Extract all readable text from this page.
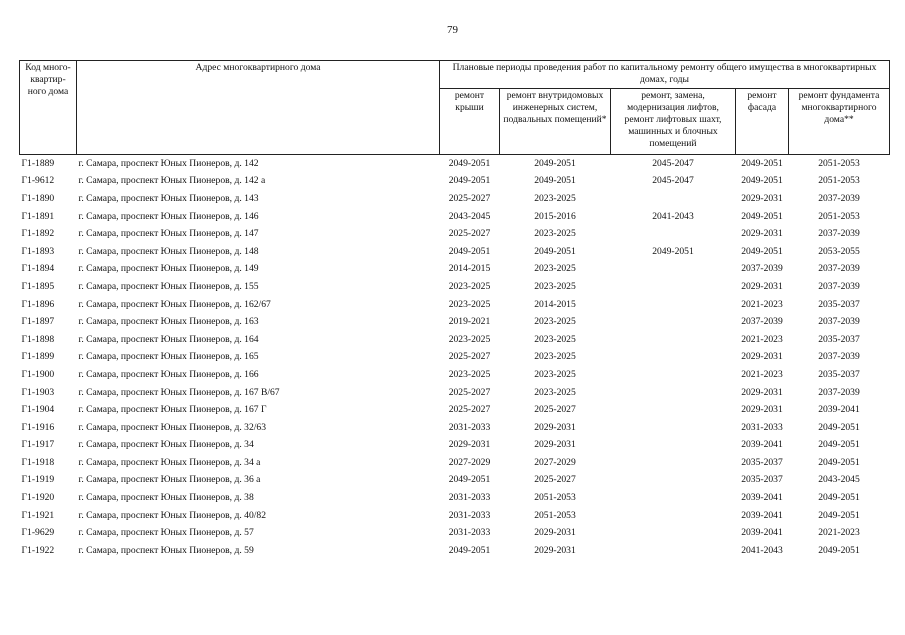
79
Код много-квартир-ного дома	Адрес многоквартирного дома	Плановые периоды проведения работ по капитальному ремонту общего имущества в многоквартирных домах, годы				
		ремонт крыши	ремонт внутридомовых инженерных систем, подвальных помещений*	ремонт, замена, модернизация лифтов, ремонт лифтовых шахт, машинных и блочных помещений	ремонт фасада	ремонт фундамента многоквартирного дома**
Г1-1889	г. Самара, проспект Юных Пионеров, д. 142	2049-2051	2049-2051	2045-2047	2049-2051	2051-2053
Г1-9612	г. Самара, проспект Юных Пионеров, д. 142 а	2049-2051	2049-2051	2045-2047	2049-2051	2051-2053
Г1-1890	г. Самара, проспект Юных Пионеров, д. 143	2025-2027	2023-2025		2029-2031	2037-2039
Г1-1891	г. Самара, проспект Юных Пионеров, д. 146	2043-2045	2015-2016	2041-2043	2049-2051	2051-2053
Г1-1892	г. Самара, проспект Юных Пионеров, д. 147	2025-2027	2023-2025		2029-2031	2037-2039
Г1-1893	г. Самара, проспект Юных Пионеров, д. 148	2049-2051	2049-2051	2049-2051	2049-2051	2053-2055
Г1-1894	г. Самара, проспект Юных Пионеров, д. 149	2014-2015	2023-2025		2037-2039	2037-2039
Г1-1895	г. Самара, проспект Юных Пионеров, д. 155	2023-2025	2023-2025		2029-2031	2037-2039
Г1-1896	г. Самара, проспект Юных Пионеров, д. 162/67	2023-2025	2014-2015		2021-2023	2035-2037
Г1-1897	г. Самара, проспект Юных Пионеров, д. 163	2019-2021	2023-2025		2037-2039	2037-2039
Г1-1898	г. Самара, проспект Юных Пионеров, д. 164	2023-2025	2023-2025		2021-2023	2035-2037
Г1-1899	г. Самара, проспект Юных Пионеров, д. 165	2025-2027	2023-2025		2029-2031	2037-2039
Г1-1900	г. Самара, проспект Юных Пионеров, д. 166	2023-2025	2023-2025		2021-2023	2035-2037
Г1-1903	г. Самара, проспект Юных Пионеров, д. 167 В/67	2025-2027	2023-2025		2029-2031	2037-2039
Г1-1904	г. Самара, проспект Юных Пионеров, д. 167 Г	2025-2027	2025-2027		2029-2031	2039-2041
Г1-1916	г. Самара, проспект Юных Пионеров, д. 32/63	2031-2033	2029-2031		2031-2033	2049-2051
Г1-1917	г. Самара, проспект Юных Пионеров, д. 34	2029-2031	2029-2031		2039-2041	2049-2051
Г1-1918	г. Самара, проспект Юных Пионеров, д. 34 а	2027-2029	2027-2029		2035-2037	2049-2051
Г1-1919	г. Самара, проспект Юных Пионеров, д. 36 а	2049-2051	2025-2027		2035-2037	2043-2045
Г1-1920	г. Самара, проспект Юных Пионеров, д. 38	2031-2033	2051-2053		2039-2041	2049-2051
Г1-1921	г. Самара, проспект Юных Пионеров, д. 40/82	2031-2033	2051-2053		2039-2041	2049-2051
Г1-9629	г. Самара, проспект Юных Пионеров, д. 57	2031-2033	2029-2031		2039-2041	2021-2023
Г1-1922	г. Самара, проспект Юных Пионеров, д. 59	2049-2051	2029-2031		2041-2043	2049-2051
